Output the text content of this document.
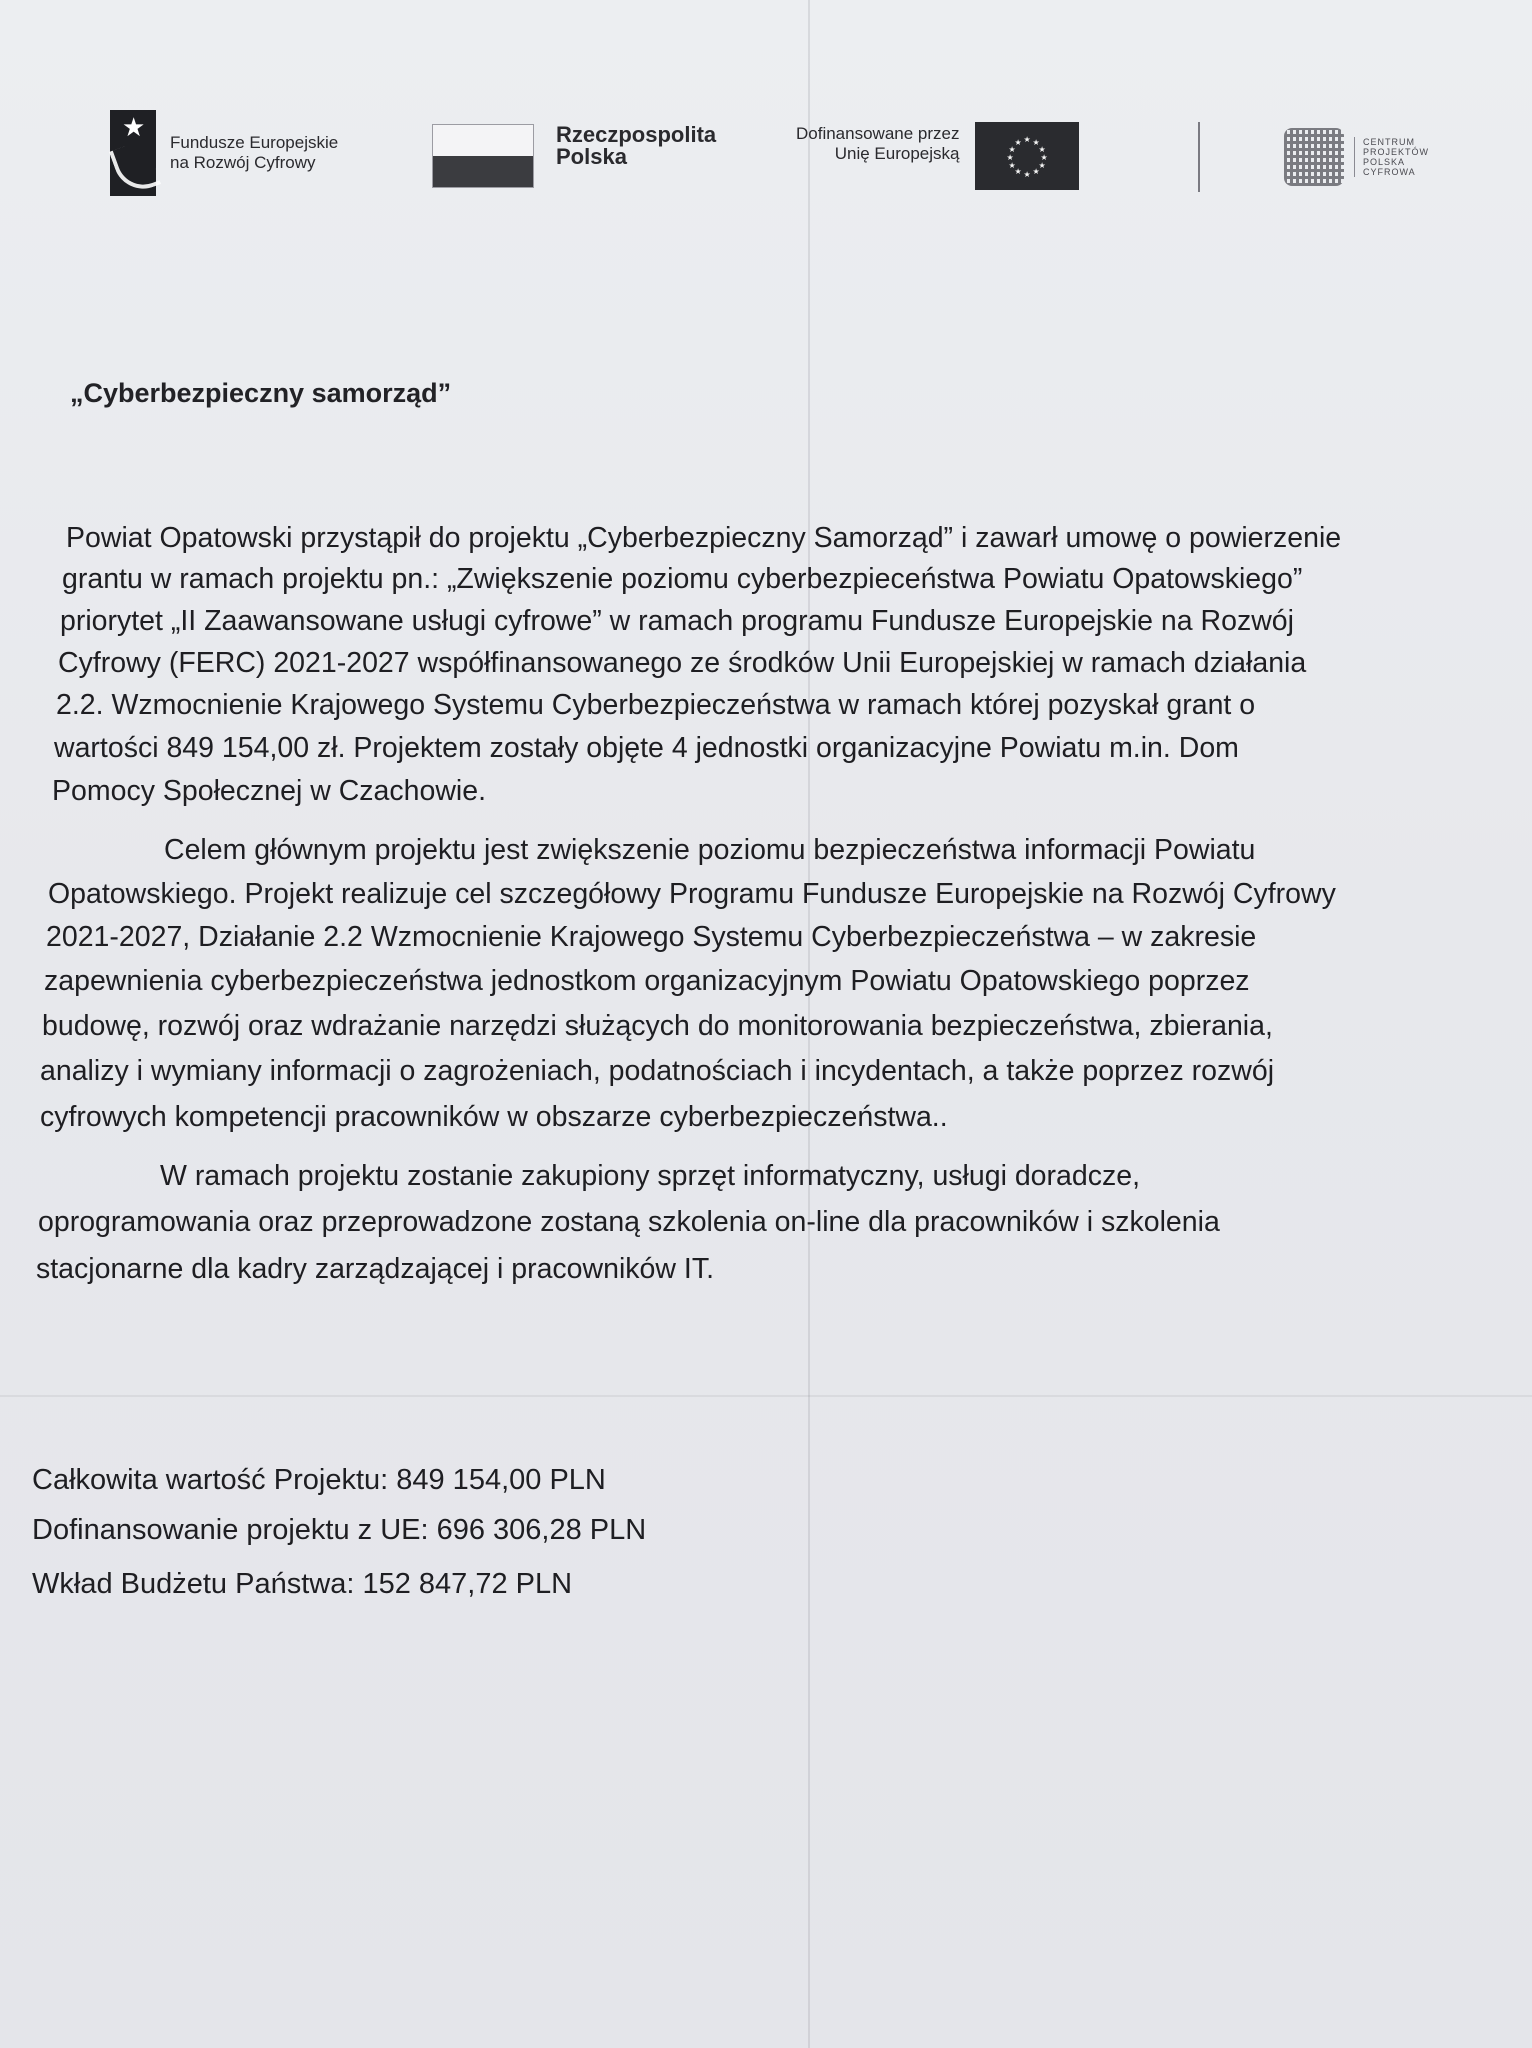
★
Fundusze Europejskie
na Rozwój Cyfrowy
Rzeczpospolita
Polska
Dofinansowane przez
Unię Europejską
★ ★
★
★
★
★
★
★
★
★
★
★	CENTRUM
PROJEKTÓW
POLSKA
CYFROWA
„Cyberbezpieczny samorząd”
Powiat Opatowski przystąpił do projektu „Cyberbezpieczny Samorząd” i zawarł umowę o powierzenie
grantu w ramach projektu pn.: „Zwiększenie poziomu cyberbezpieceństwa Powiatu Opatowskiego”
priorytet „II Zaawansowane usługi cyfrowe” w ramach programu Fundusze Europejskie na Rozwój
Cyfrowy (FERC) 2021-2027 współfinansowanego ze środków Unii Europejskiej w ramach działania
2.2. Wzmocnienie Krajowego Systemu Cyberbezpieczeństwa w ramach której pozyskał grant o
wartości 849 154,00 zł. Projektem zostały objęte 4 jednostki organizacyjne Powiatu m.in. Dom
Pomocy Społecznej w Czachowie.
Celem głównym projektu jest zwiększenie poziomu bezpieczeństwa informacji Powiatu
Opatowskiego. Projekt realizuje cel szczegółowy Programu Fundusze Europejskie na Rozwój Cyfrowy
2021-2027, Działanie 2.2 Wzmocnienie Krajowego Systemu Cyberbezpieczeństwa – w zakresie
zapewnienia cyberbezpieczeństwa jednostkom organizacyjnym Powiatu Opatowskiego poprzez
budowę, rozwój oraz wdrażanie narzędzi służących do monitorowania bezpieczeństwa, zbierania,
analizy i wymiany informacji o zagrożeniach, podatnościach i incydentach, a także poprzez rozwój
cyfrowych kompetencji pracowników w obszarze cyberbezpieczeństwa..
W ramach projektu zostanie zakupiony sprzęt informatyczny, usługi doradcze,
oprogramowania oraz przeprowadzone zostaną szkolenia on-line dla pracowników i szkolenia
stacjonarne dla kadry zarządzającej i pracowników IT.
Całkowita wartość Projektu: 849 154,00 PLN
Dofinansowanie projektu z UE: 696 306,28 PLN
Wkład Budżetu Państwa: 152 847,72 PLN
